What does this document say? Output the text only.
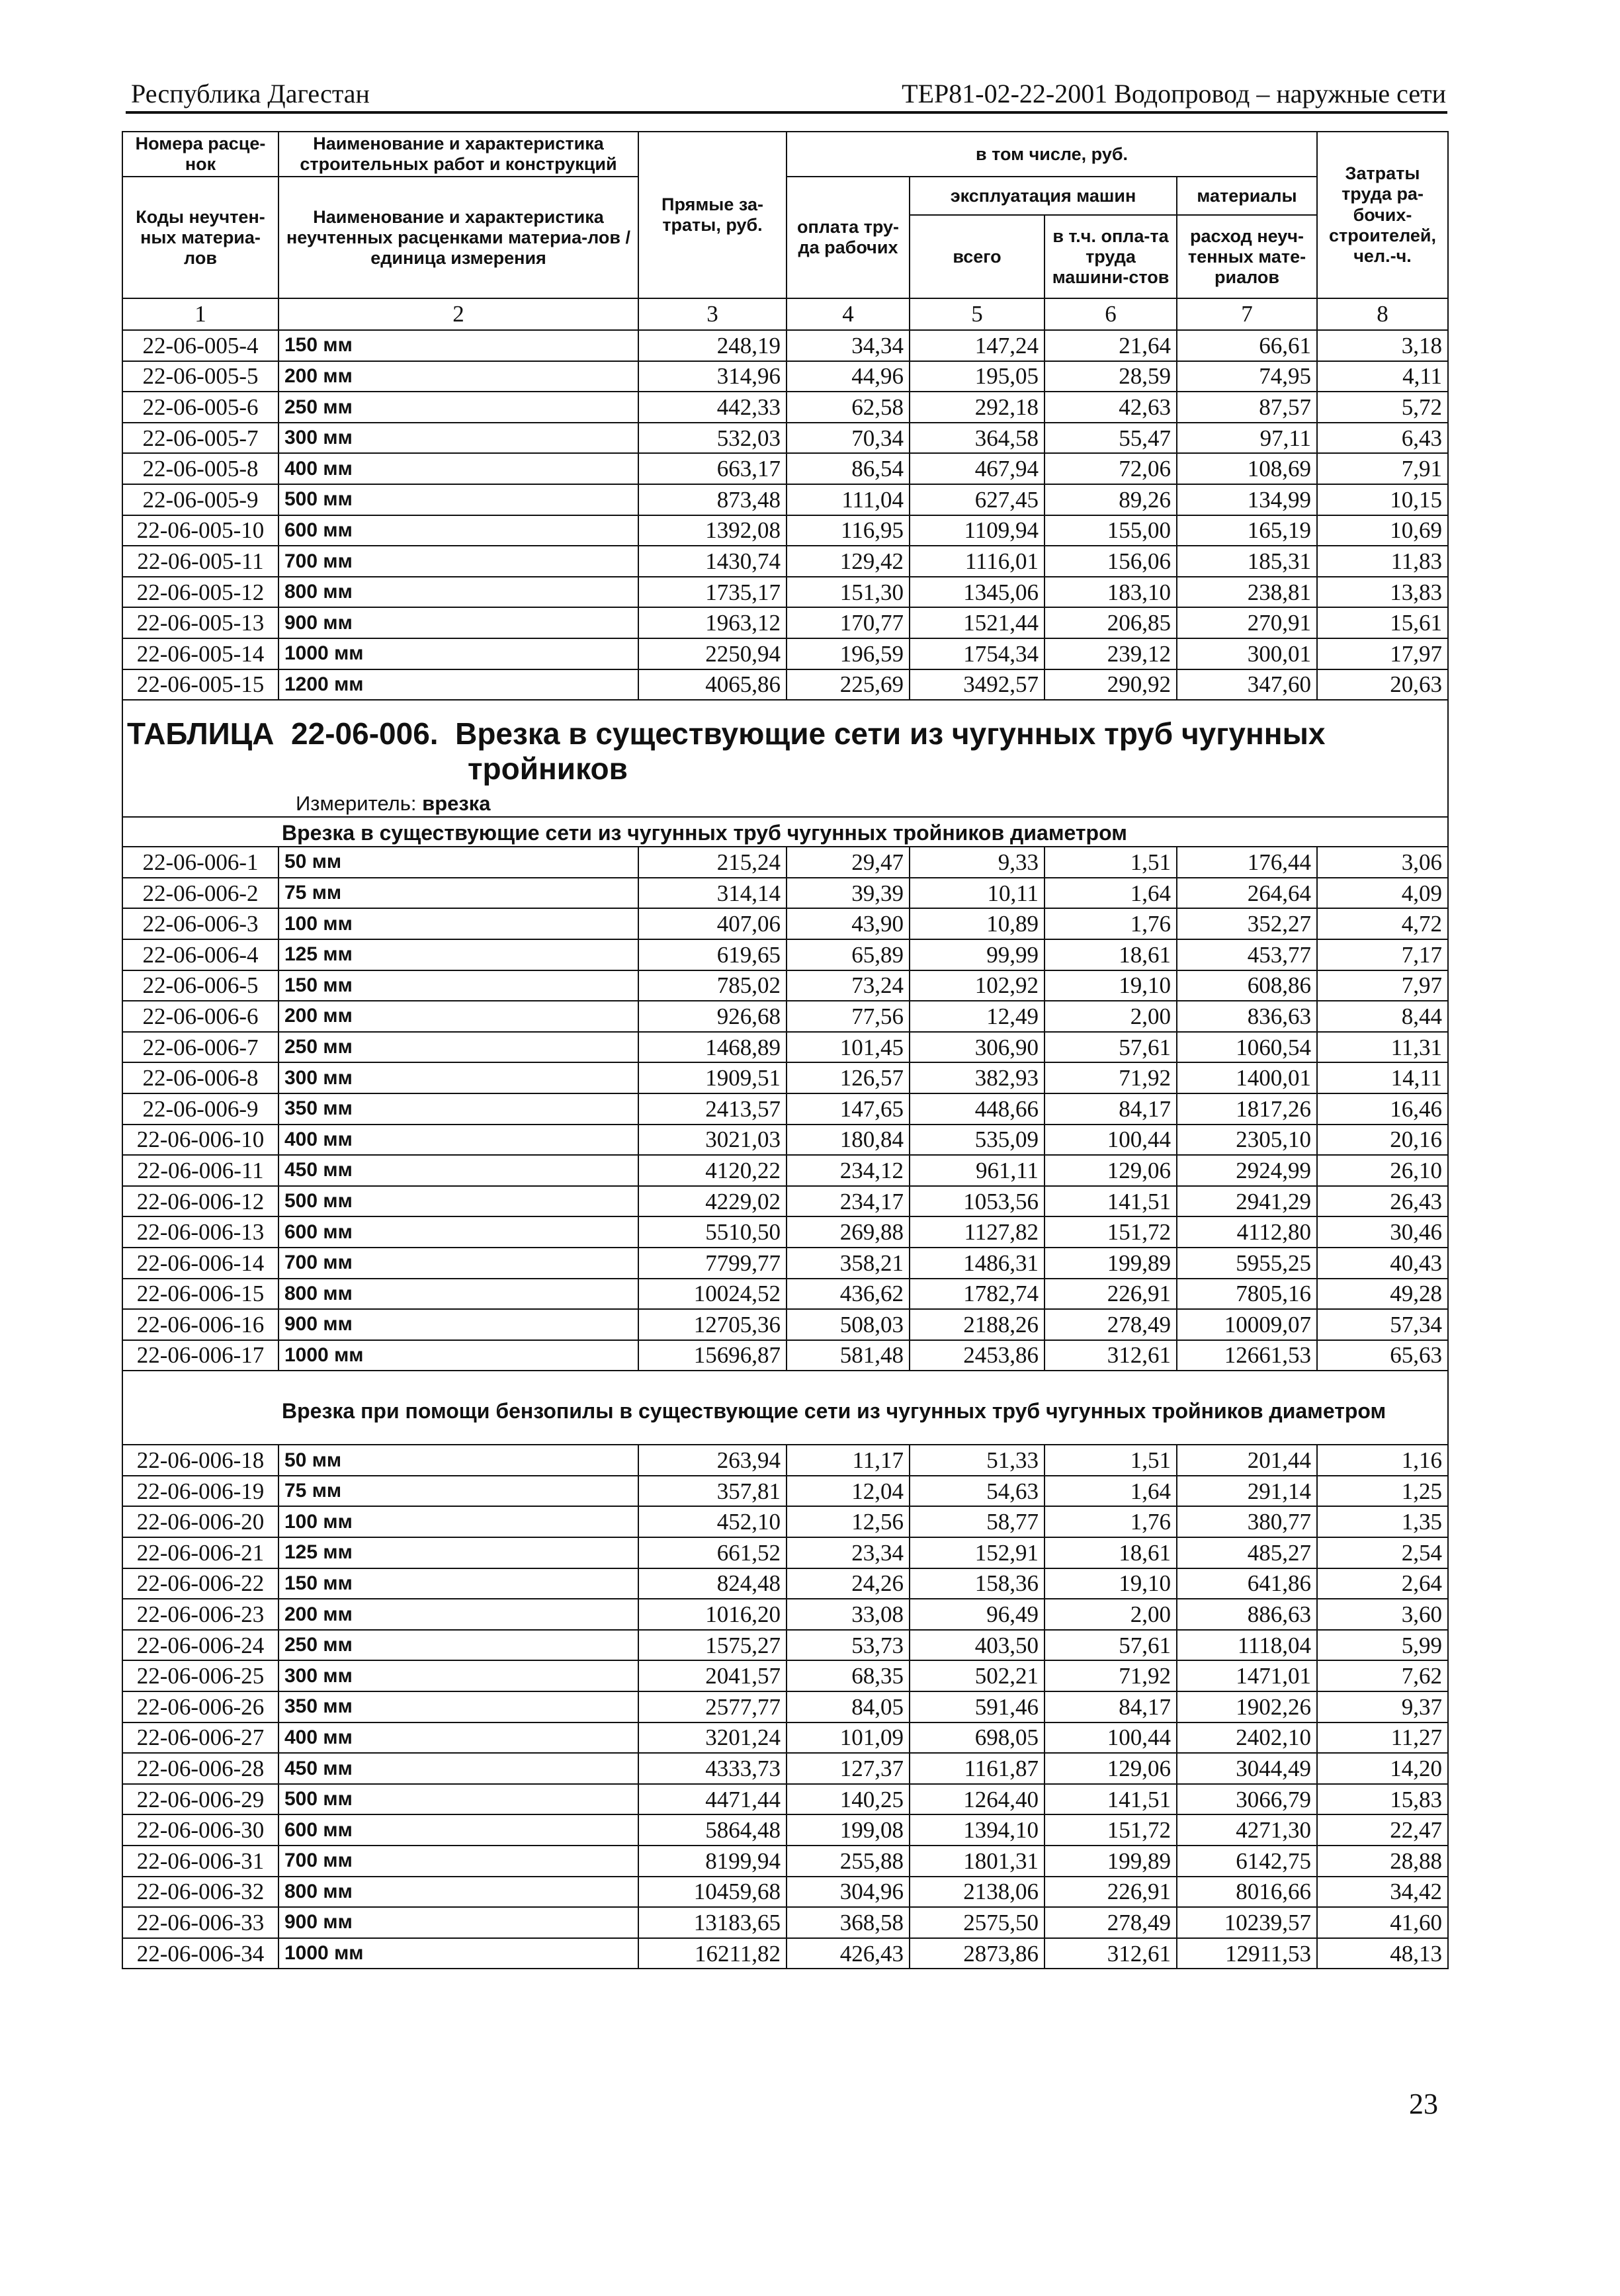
Республика Дагестан	ТЕР81-02-22-2001 Водопровод – наружные сети
Номера расце-нок	Наименование и характеристика строительных работ и конструкций	Прямые за-траты, руб.	в том числе, руб.				Затраты труда ра-бочих-строителей, чел.-ч.
Коды неучтен-ных материа-лов	Наименование и характеристика неучтенных расценками материа-лов / единица измерения		оплата тру-да рабочих	эксплуатация машин		материалы	
				всего	в т.ч. опла-та труда машини-стов	расход неуч-тенных мате-риалов	
1	2	3	4	5	6	7	8
22-06-005-4	150 мм	248,19	34,34	147,24	21,64	66,61	3,18
22-06-005-5	200 мм	314,96	44,96	195,05	28,59	74,95	4,11
22-06-005-6	250 мм	442,33	62,58	292,18	42,63	87,57	5,72
22-06-005-7	300 мм	532,03	70,34	364,58	55,47	97,11	6,43
22-06-005-8	400 мм	663,17	86,54	467,94	72,06	108,69	7,91
22-06-005-9	500 мм	873,48	111,04	627,45	89,26	134,99	10,15
22-06-005-10	600 мм	1392,08	116,95	1109,94	155,00	165,19	10,69
22-06-005-11	700 мм	1430,74	129,42	1116,01	156,06	185,31	11,83
22-06-005-12	800 мм	1735,17	151,30	1345,06	183,10	238,81	13,83
22-06-005-13	900 мм	1963,12	170,77	1521,44	206,85	270,91	15,61
22-06-005-14	1000 мм	2250,94	196,59	1754,34	239,12	300,01	17,97
22-06-005-15	1200 мм	4065,86	225,69	3492,57	290,92	347,60	20,63

ТАБЛИЦА  22-06-006.  Врезка в существующие сети из чугунных труб чугунных
тройников
Измеритель: врезка							

Врезка в существующие сети из чугунных труб чугунных тройников диаметром							
22-06-006-1	50 мм	215,24	29,47	9,33	1,51	176,44	3,06
22-06-006-2	75 мм	314,14	39,39	10,11	1,64	264,64	4,09
22-06-006-3	100 мм	407,06	43,90	10,89	1,76	352,27	4,72
22-06-006-4	125 мм	619,65	65,89	99,99	18,61	453,77	7,17
22-06-006-5	150 мм	785,02	73,24	102,92	19,10	608,86	7,97
22-06-006-6	200 мм	926,68	77,56	12,49	2,00	836,63	8,44
22-06-006-7	250 мм	1468,89	101,45	306,90	57,61	1060,54	11,31
22-06-006-8	300 мм	1909,51	126,57	382,93	71,92	1400,01	14,11
22-06-006-9	350 мм	2413,57	147,65	448,66	84,17	1817,26	16,46
22-06-006-10	400 мм	3021,03	180,84	535,09	100,44	2305,10	20,16
22-06-006-11	450 мм	4120,22	234,12	961,11	129,06	2924,99	26,10
22-06-006-12	500 мм	4229,02	234,17	1053,56	141,51	2941,29	26,43
22-06-006-13	600 мм	5510,50	269,88	1127,82	151,72	4112,80	30,46
22-06-006-14	700 мм	7799,77	358,21	1486,31	199,89	5955,25	40,43
22-06-006-15	800 мм	10024,52	436,62	1782,74	226,91	7805,16	49,28
22-06-006-16	900 мм	12705,36	508,03	2188,26	278,49	10009,07	57,34
22-06-006-17	1000 мм	15696,87	581,48	2453,86	312,61	12661,53	65,63
Врезка при помощи бензопилы в существующие сети из чугунных труб чугунных тройников диаметром							
22-06-006-18	50 мм	263,94	11,17	51,33	1,51	201,44	1,16
22-06-006-19	75 мм	357,81	12,04	54,63	1,64	291,14	1,25
22-06-006-20	100 мм	452,10	12,56	58,77	1,76	380,77	1,35
22-06-006-21	125 мм	661,52	23,34	152,91	18,61	485,27	2,54
22-06-006-22	150 мм	824,48	24,26	158,36	19,10	641,86	2,64
22-06-006-23	200 мм	1016,20	33,08	96,49	2,00	886,63	3,60
22-06-006-24	250 мм	1575,27	53,73	403,50	57,61	1118,04	5,99
22-06-006-25	300 мм	2041,57	68,35	502,21	71,92	1471,01	7,62
22-06-006-26	350 мм	2577,77	84,05	591,46	84,17	1902,26	9,37
22-06-006-27	400 мм	3201,24	101,09	698,05	100,44	2402,10	11,27
22-06-006-28	450 мм	4333,73	127,37	1161,87	129,06	3044,49	14,20
22-06-006-29	500 мм	4471,44	140,25	1264,40	141,51	3066,79	15,83
22-06-006-30	600 мм	5864,48	199,08	1394,10	151,72	4271,30	22,47
22-06-006-31	700 мм	8199,94	255,88	1801,31	199,89	6142,75	28,88
22-06-006-32	800 мм	10459,68	304,96	2138,06	226,91	8016,66	34,42
22-06-006-33	900 мм	13183,65	368,58	2575,50	278,49	10239,57	41,60
22-06-006-34	1000 мм	16211,82	426,43	2873,86	312,61	12911,53	48,13
23
